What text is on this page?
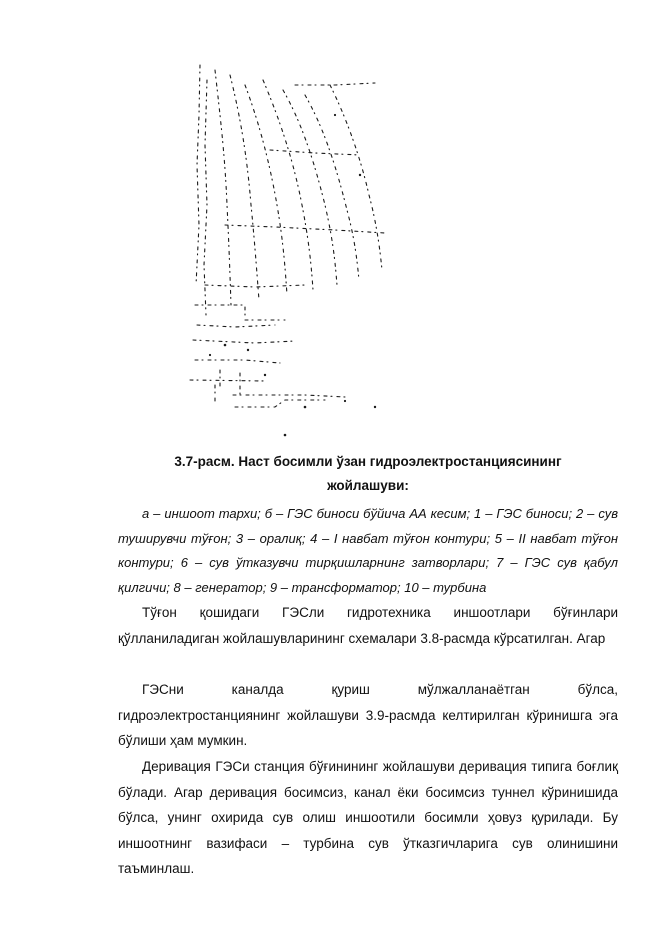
3.7-расм. Наст босимли ўзан гидроэлектростанциясининг
жойлашуви:
а – иншоот тархи; б – ГЭС биноси бўйича АА кесим; 1 – ГЭС биноси; 2 – сув туширувчи тўғон; 3 – оралиқ; 4 – I навбат тўғон контури; 5 – II навбат тўғон контури; 6 – сув ўтказувчи тирқишларнинг затворлари; 7 – ГЭС сув қабул қилгичи; 8 – генератор; 9 – трансформатор; 10 – турбина
Тўғон қошидаги ГЭСли гидротехника иншоотлари бўғинлари қўлланиладиган жойлашувларининг схемалари 3.8-расмда кўрсатилган. Агар
ГЭСни каналда қуриш мўлжалланаётган бўлса,
гидроэлектростанциянинг жойлашуви 3.9-расмда келтирилган кўринишга эга бўлиши ҳам мумкин.
Деривация ГЭСи станция бўғинининг жойлашуви деривация типига боғлиқ бўлади. Агар деривация босимсиз, канал ёки босимсиз туннел кўринишида бўлса, унинг охирида сув олиш иншоотили босимли ҳовуз қурилади. Бу иншоотнинг вазифаси – турбина сув ўтказгичларига сув олинишини таъминлаш.
